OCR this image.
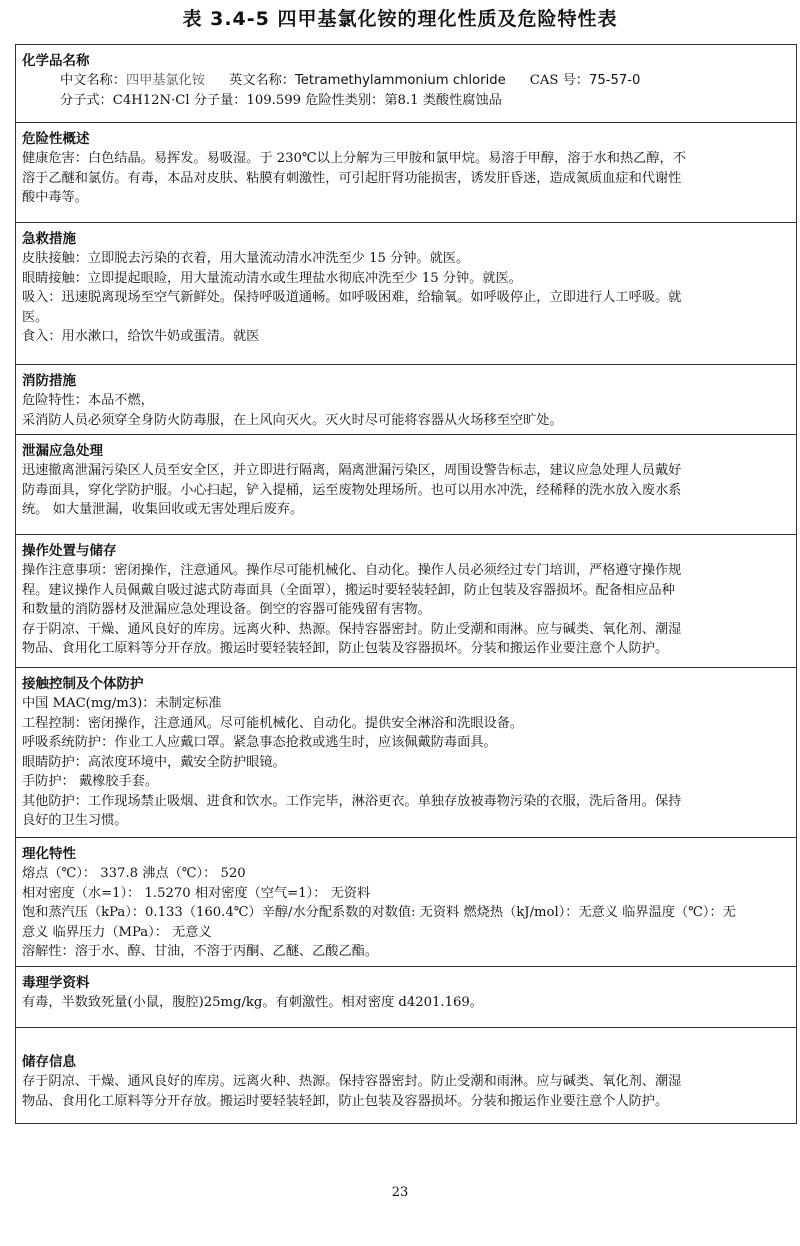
表 3.4-5 四甲基氯化铵的理化性质及危险特性表
化学品名称
中文名称：四甲基氯化铵 英文名称：Tetramethylammonium chloride CAS 号：75-57-0
分子式：C4H12N·Cl 分子量：109.599 危险性类别：第8.1 类酸性腐蚀品
危险性概述
健康危害：白色结晶。易挥发。易吸湿。于 230℃以上分解为三甲胺和氯甲烷。易溶于甲醇，溶于水和热乙醇，不
溶于乙醚和氯仿。有毒，本品对皮肤、粘膜有刺激性，可引起肝肾功能损害，诱发肝昏迷，造成氮质血症和代谢性
酸中毒等。
急救措施
皮肤接触：立即脱去污染的衣着，用大量流动清水冲洗至少 15 分钟。就医。
眼睛接触：立即提起眼睑，用大量流动清水或生理盐水彻底冲洗至少 15 分钟。就医。
吸入：迅速脱离现场至空气新鲜处。保持呼吸道通畅。如呼吸困难，给输氧。如呼吸停止，立即进行人工呼吸。就
医。
食入：用水漱口，给饮牛奶或蛋清。就医
消防措施
危险特性：本品不燃，
采消防人员必须穿全身防火防毒服，在上风向灭火。灭火时尽可能将容器从火场移至空旷处。
泄漏应急处理
迅速撤离泄漏污染区人员至安全区，并立即进行隔离，隔离泄漏污染区，周围设警告标志，建议应急处理人员戴好
防毒面具，穿化学防护服。小心扫起，铲入提桶，运至废物处理场所。也可以用水冲洗，经稀释的洗水放入废水系
统。 如大量泄漏，收集回收或无害处理后废弃。
操作处置与储存
操作注意事项：密闭操作，注意通风。操作尽可能机械化、自动化。操作人员必须经过专门培训，严格遵守操作规
程。建议操作人员佩戴自吸过滤式防毒面具（全面罩），搬运时要轻装轻卸，防止包装及容器损坏。配备相应品种
和数量的消防器材及泄漏应急处理设备。倒空的容器可能残留有害物。
存于阴凉、干燥、通风良好的库房。远离火种、热源。保持容器密封。防止受潮和雨淋。应与碱类、氧化剂、潮湿
物品、食用化工原料等分开存放。搬运时要轻装轻卸，防止包装及容器损坏。分装和搬运作业要注意个人防护。
接触控制及个体防护
中国 MAC(mg/m3)：未制定标准
工程控制：密闭操作，注意通风。尽可能机械化、自动化。提供安全淋浴和洗眼设备。
呼吸系统防护：作业工人应戴口罩。紧急事态抢救或逃生时，应该佩戴防毒面具。
眼睛防护：高浓度环境中，戴安全防护眼镜。
手防护： 戴橡胶手套。
其他防护：工作现场禁止吸烟、进食和饮水。工作完毕，淋浴更衣。单独存放被毒物污染的衣服，洗后备用。保持
良好的卫生习惯。
理化特性
熔点（℃）： 337.8 沸点（℃）： 520
相对密度（水=1）： 1.5270 相对密度（空气=1）： 无资料
饱和蒸汽压（kPa）：0.133（160.4℃）辛醇/水分配系数的对数值: 无资料 燃烧热（kJ/mol）：无意义 临界温度（℃）：无
意义 临界压力（MPa）： 无意义
溶解性：溶于水、醇、甘油，不溶于丙酮、乙醚、乙酸乙酯。
毒理学资料
有毒，半数致死量(小鼠，腹腔)25mg/kg。有刺激性。相对密度 d4201.169。
储存信息
存于阴凉、干燥、通风良好的库房。远离火种、热源。保持容器密封。防止受潮和雨淋。应与碱类、氧化剂、潮湿
物品、食用化工原料等分开存放。搬运时要轻装轻卸，防止包装及容器损坏。分装和搬运作业要注意个人防护。
23
